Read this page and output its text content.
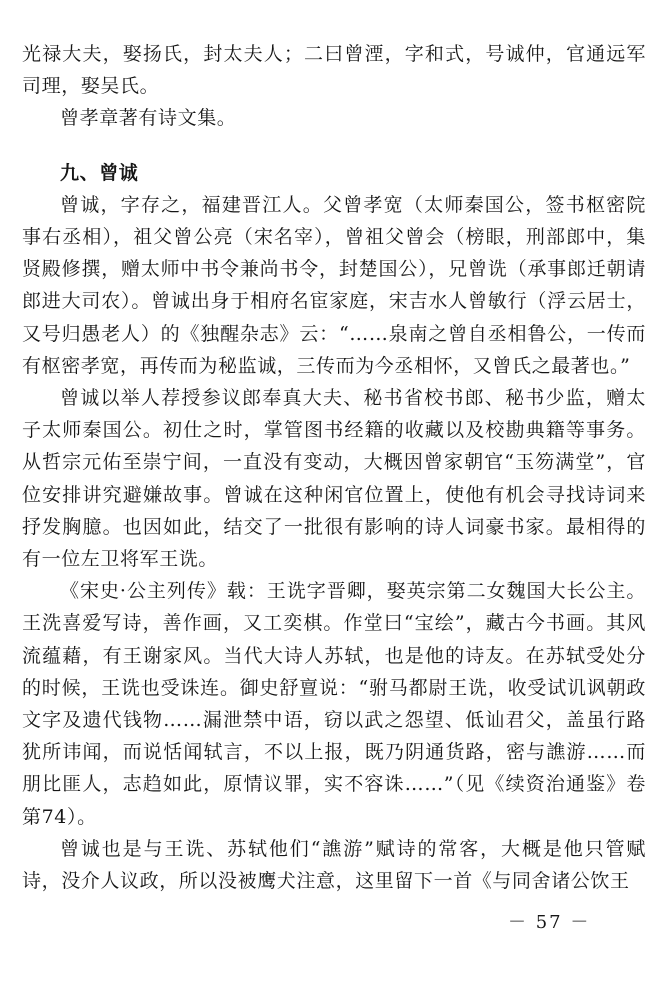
光禄大夫，娶扬氏，封太夫人；二曰曾湮，字和式，号诚仲，官通远军司理，娶吴氏。

曾孝章著有诗文集。

九、曾诚

曾诚，字存之，福建晋江人。父曾孝宽（太师秦国公，签书枢密院事右丞相），祖父曾公亮（宋名宰），曾祖父曾会（榜眼，刑部郎中，集贤殿修撰，赠太师中书令兼尚书令，封楚国公），兄曾诜（承事郎迁朝请郎进大司农）。曾诚出身于相府名宦家庭，宋吉水人曾敏行（浮云居士，又号归愚老人）的《独醒杂志》云：“……泉南之曾自丞相鲁公，一传而有枢密孝宽，再传而为秘监诚，三传而为今丞相怀，又曾氏之最著也。”

曾诚以举人荐授参议郎奉真大夫、秘书省校书郎、秘书少监，赠太子太师秦国公。初仕之时，掌管图书经籍的收藏以及校勘典籍等事务。从哲宗元佑至崇宁间，一直没有变动，大概因曾家朝官“玉笏满堂”，官位安排讲究避嫌故事。曾诚在这种闲官位置上，使他有机会寻找诗词来抒发胸臆。也因如此，结交了一批很有影响的诗人词豪书家。最相得的有一位左卫将军王诜。

《宋史·公主列传》载：王诜字晋卿，娶英宗第二女魏国大长公主。王洗喜爱写诗，善作画，又工奕棋。作堂曰“宝绘”，藏古今书画。其风流蕴藉，有王谢家风。当代大诗人苏轼，也是他的诗友。在苏轼受处分的时候，王诜也受诛连。御史舒亶说：“驸马都尉王诜，收受试讥讽朝政文字及遗代钱物……漏泄禁中语，窃以武之怨望、低讪君父，盖虽行路犹所讳闻，而说恬闻轼言，不以上报，既乃阴通货路，密与譙游……而朋比匪人，志趋如此，原情议罪，实不容诛……”（见《续资治通鉴》卷第74）。

曾诚也是与王诜、苏轼他们“譙游”赋诗的常客，大概是他只管赋诗，没介人议政，所以没被鹰犬注意，这里留下一首《与同舍诸公饮王

－ 57 －
